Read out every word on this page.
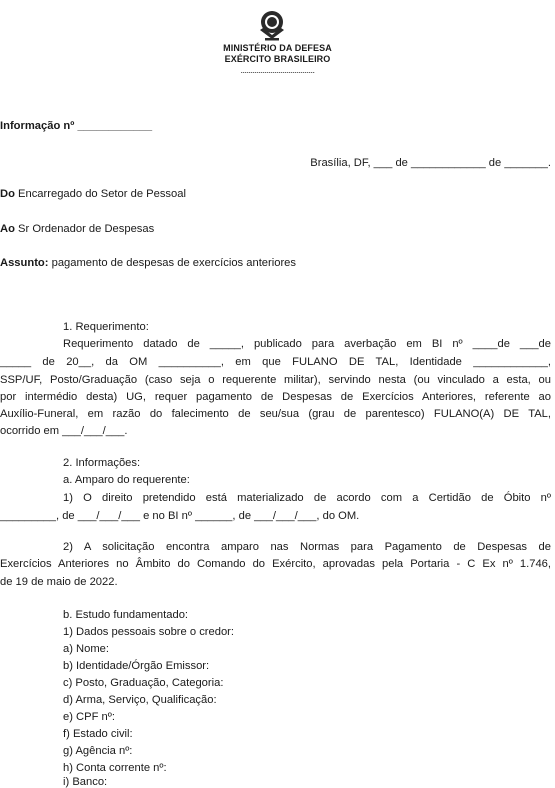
MINISTÉRIO DA DEFESA
EXÉRCITO BRASILEIRO
.....................................
Informação nº ____________
Brasília, DF, ___ de ____________ de _______.
Do Encarregado do Setor de Pessoal
Ao Sr Ordenador de Despesas
Assunto: pagamento de despesas de exercícios anteriores
1. Requerimento:
Requerimento datado de _____, publicado para averbação em BI nº ____de ___de
_____ de 20__, da OM __________, em que FULANO DE TAL, Identidade ____________,
SSP/UF, Posto/Graduação (caso seja o requerente militar), servindo nesta (ou vinculado a esta, ou
por intermédio desta) UG, requer pagamento de Despesas de Exercícios Anteriores, referente ao
Auxílio-Funeral, em razão do falecimento de seu/sua (grau de parentesco) FULANO(A) DE TAL,
ocorrido em ___/___/___.
2. Informações:
a. Amparo do requerente:
1) O direito pretendido está materializado de acordo com a Certidão de Óbito nº
_________, de ___/___/___ e no BI nº ______, de ___/___/___, do OM.
2) A solicitação encontra amparo nas Normas para Pagamento de Despesas de
Exercícios Anteriores no Âmbito do Comando do Exército, aprovadas pela Portaria - C Ex nº 1.746,
de 19 de maio de 2022.
b. Estudo fundamentado:
1) Dados pessoais sobre o credor:
a) Nome:
b) Identidade/Órgão Emissor:
c) Posto, Graduação, Categoria:
d) Arma, Serviço, Qualificação:
e) CPF nº:
f) Estado civil:
g) Agência nº:
h) Conta corrente nº:
i) Banco:
